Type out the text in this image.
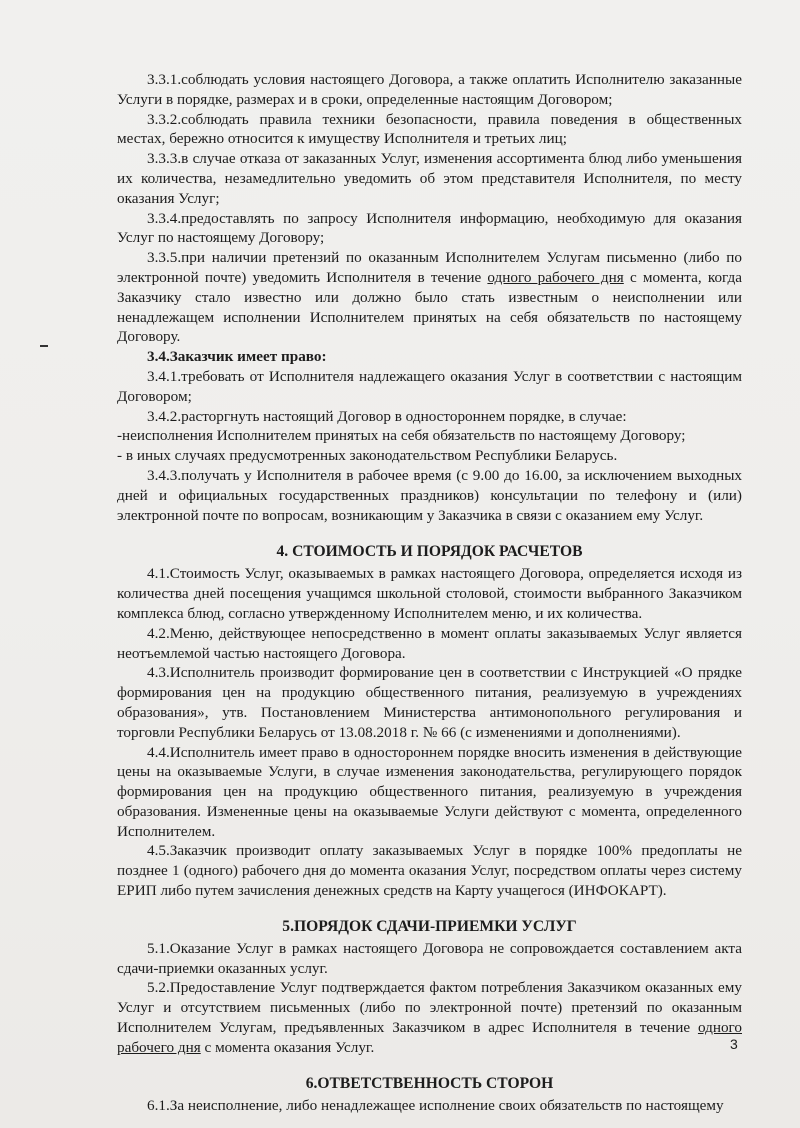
3.3.1.соблюдать условия настоящего Договора, а также оплатить Исполнителю заказанные Услуги в порядке, размерах и в сроки, определенные настоящим Договором;

3.3.2.соблюдать правила техники безопасности, правила поведения в общественных местах, бережно относится к имуществу Исполнителя и третьих лиц;

3.3.3.в случае отказа от заказанных Услуг, изменения ассортимента блюд либо уменьшения их количества, незамедлительно уведомить об этом представителя Исполнителя, по месту оказания Услуг;

3.3.4.предоставлять по запросу Исполнителя информацию, необходимую для оказания Услуг по настоящему Договору;

3.3.5.при наличии претензий по оказанным Исполнителем Услугам письменно (либо по электронной почте) уведомить Исполнителя в течение одного рабочего дня с момента, когда Заказчику стало известно или должно было стать известным о неисполнении или ненадлежащем исполнении Исполнителем принятых на себя обязательств по настоящему Договору.

3.4.Заказчик имеет право:

3.4.1.требовать от Исполнителя надлежащего оказания Услуг в соответствии с настоящим Договором;

3.4.2.расторгнуть настоящий Договор в одностороннем порядке, в случае:

-неисполнения Исполнителем принятых на себя обязательств по настоящему Договору;

- в иных случаях предусмотренных законодательством Республики Беларусь.

3.4.3.получать у Исполнителя в рабочее время (с 9.00 до 16.00, за исключением выходных дней и официальных государственных праздников) консультации по телефону и (или) электронной почте по вопросам, возникающим у Заказчика в связи с оказанием ему Услуг.

4. СТОИМОСТЬ И ПОРЯДОК РАСЧЕТОВ

4.1.Стоимость Услуг, оказываемых в рамках настоящего Договора, определяется исходя из количества дней посещения учащимся школьной столовой, стоимости выбранного Заказчиком комплекса блюд, согласно утвержденному Исполнителем меню, и их количества.

4.2.Меню, действующее непосредственно в момент оплаты заказываемых Услуг является неотъемлемой частью настоящего Договора.

4.3.Исполнитель производит формирование цен в соответствии с Инструкцией «О прядке формирования цен на продукцию общественного питания, реализуемую в учреждениях образования», утв. Постановлением Министерства антимонопольного регулирования и торговли Республики Беларусь от 13.08.2018 г. № 66 (с изменениями и дополнениями).

4.4.Исполнитель имеет право в одностороннем порядке вносить изменения в действующие цены на оказываемые Услуги, в случае изменения законодательства, регулирующего порядок формирования цен на продукцию общественного питания, реализуемую в учреждения образования. Измененные цены на оказываемые Услуги действуют с момента, определенного Исполнителем.

4.5.Заказчик производит оплату заказываемых Услуг в порядке 100% предоплаты не позднее 1 (одного) рабочего дня до момента оказания Услуг, посредством оплаты через систему ЕРИП либо путем зачисления денежных средств на Карту учащегося (ИНФОКАРТ).

5.ПОРЯДОК СДАЧИ-ПРИЕМКИ УСЛУГ

5.1.Оказание Услуг в рамках настоящего Договора не сопровождается составлением акта сдачи-приемки оказанных услуг.

5.2.Предоставление Услуг подтверждается фактом потребления Заказчиком оказанных ему Услуг и отсутствием письменных (либо по электронной почте) претензий по оказанным Исполнителем Услугам, предъявленных Заказчиком в адрес Исполнителя в течение одного рабочего дня с момента оказания Услуг.

6.ОТВЕТСТВЕННОСТЬ СТОРОН

6.1.За неисполнение, либо ненадлежащее исполнение своих обязательств по настоящему

3
